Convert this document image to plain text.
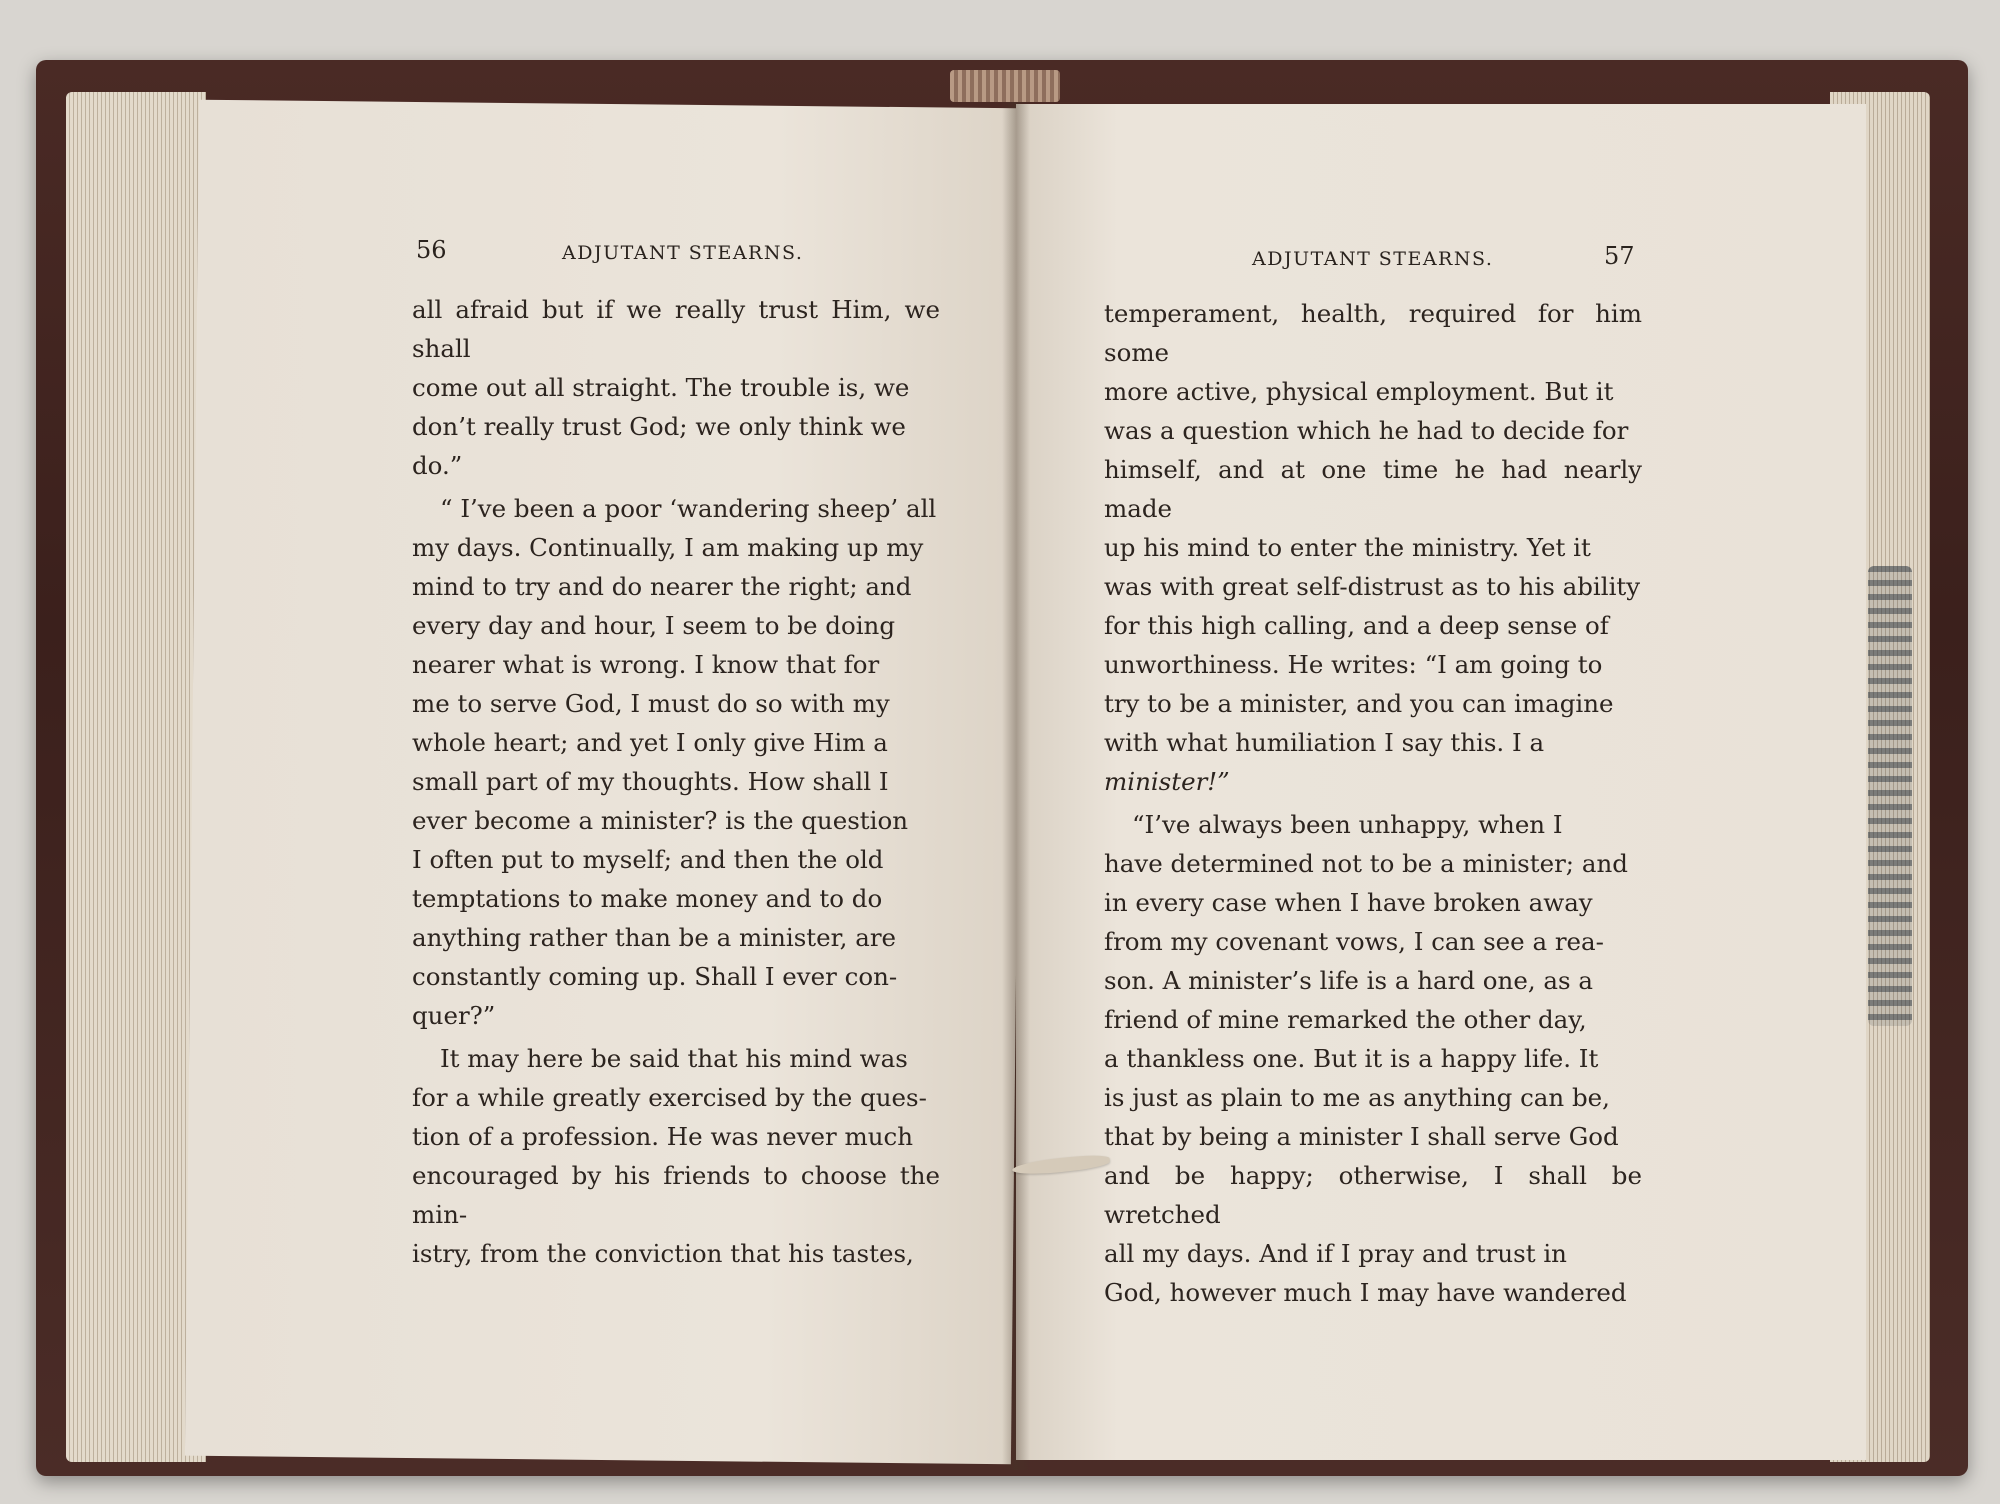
56	ADJUTANT STEARNS.

all afraid but if we really trust Him, we shall

come out all straight. The trouble is, we

don’t really trust God; we only think we

do.”

“ I’ve been a poor ‘wandering sheep’ all

my days. Continually, I am making up my

mind to try and do nearer the right; and

every day and hour, I seem to be doing

nearer what is wrong. I know that for

me to serve God, I must do so with my

whole heart; and yet I only give Him a

small part of my thoughts. How shall I

ever become a minister? is the question

I often put to myself; and then the old

temptations to make money and to do

anything rather than be a minister, are

constantly coming up. Shall I ever con-

quer?”

It may here be said that his mind was

for a while greatly exercised by the ques-

tion of a profession. He was never much

encouraged by his friends to choose the min-

istry, from the conviction that his tastes,

ADJUTANT STEARNS.	57

temperament, health, required for him some

more active, physical employment. But it

was a question which he had to decide for

himself, and at one time he had nearly made

up his mind to enter the ministry. Yet it

was with great self-distrust as to his ability

for this high calling, and a deep sense of

unworthiness. He writes: “I am going to

try to be a minister, and you can imagine

with what humiliation I say this. I a

minister!”

“I’ve always been unhappy, when I

have determined not to be a minister; and

in every case when I have broken away

from my covenant vows, I can see a rea-

son. A minister’s life is a hard one, as a

friend of mine remarked the other day,

a thankless one. But it is a happy life. It

is just as plain to me as anything can be,

that by being a minister I shall serve God

and be happy; otherwise, I shall be wretched

all my days. And if I pray and trust in

God, however much I may have wandered
